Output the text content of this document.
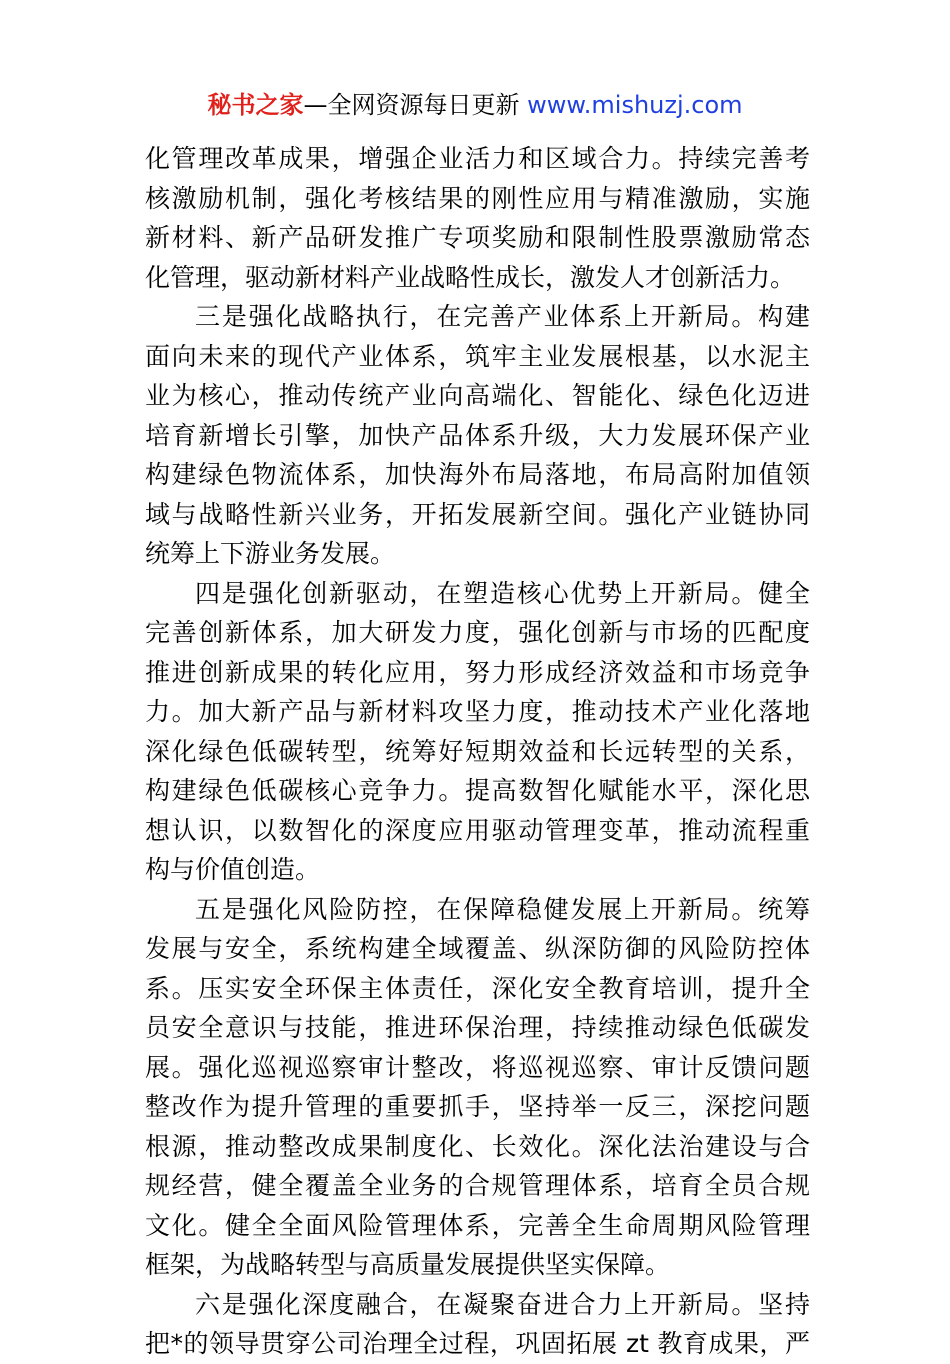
秘书之家—全网资源每日更新 www.mishuzj.com
化管理改革成果，增强企业活力和区域合力。持续完善考
核激励机制，强化考核结果的刚性应用与精准激励，实施
新材料、新产品研发推广专项奖励和限制性股票激励常态
化管理，驱动新材料产业战略性成长，激发人才创新活力。
三是强化战略执行，在完善产业体系上开新局。构建
面向未来的现代产业体系，筑牢主业发展根基，以水泥主
业为核心，推动传统产业向高端化、智能化、绿色化迈进
培育新增长引擎，加快产品体系升级，大力发展环保产业
构建绿色物流体系，加快海外布局落地，布局高附加值领
域与战略性新兴业务，开拓发展新空间。强化产业链协同
统筹上下游业务发展。
四是强化创新驱动，在塑造核心优势上开新局。健全
完善创新体系，加大研发力度，强化创新与市场的匹配度
推进创新成果的转化应用，努力形成经济效益和市场竞争
力。加大新产品与新材料攻坚力度，推动技术产业化落地
深化绿色低碳转型，统筹好短期效益和长远转型的关系，
构建绿色低碳核心竞争力。提高数智化赋能水平，深化思
想认识，以数智化的深度应用驱动管理变革，推动流程重
构与价值创造。
五是强化风险防控，在保障稳健发展上开新局。统筹
发展与安全，系统构建全域覆盖、纵深防御的风险防控体
系。压实安全环保主体责任，深化安全教育培训，提升全
员安全意识与技能，推进环保治理，持续推动绿色低碳发
展。强化巡视巡察审计整改，将巡视巡察、审计反馈问题
整改作为提升管理的重要抓手，坚持举一反三，深挖问题
根源，推动整改成果制度化、长效化。深化法治建设与合
规经营，健全覆盖全业务的合规管理体系，培育全员合规
文化。健全全面风险管理体系，完善全生命周期风险管理
框架，为战略转型与高质量发展提供坚实保障。
六是强化深度融合，在凝聚奋进合力上开新局。坚持
把*的领导贯穿公司治理全过程，巩固拓展 zt 教育成果，严
